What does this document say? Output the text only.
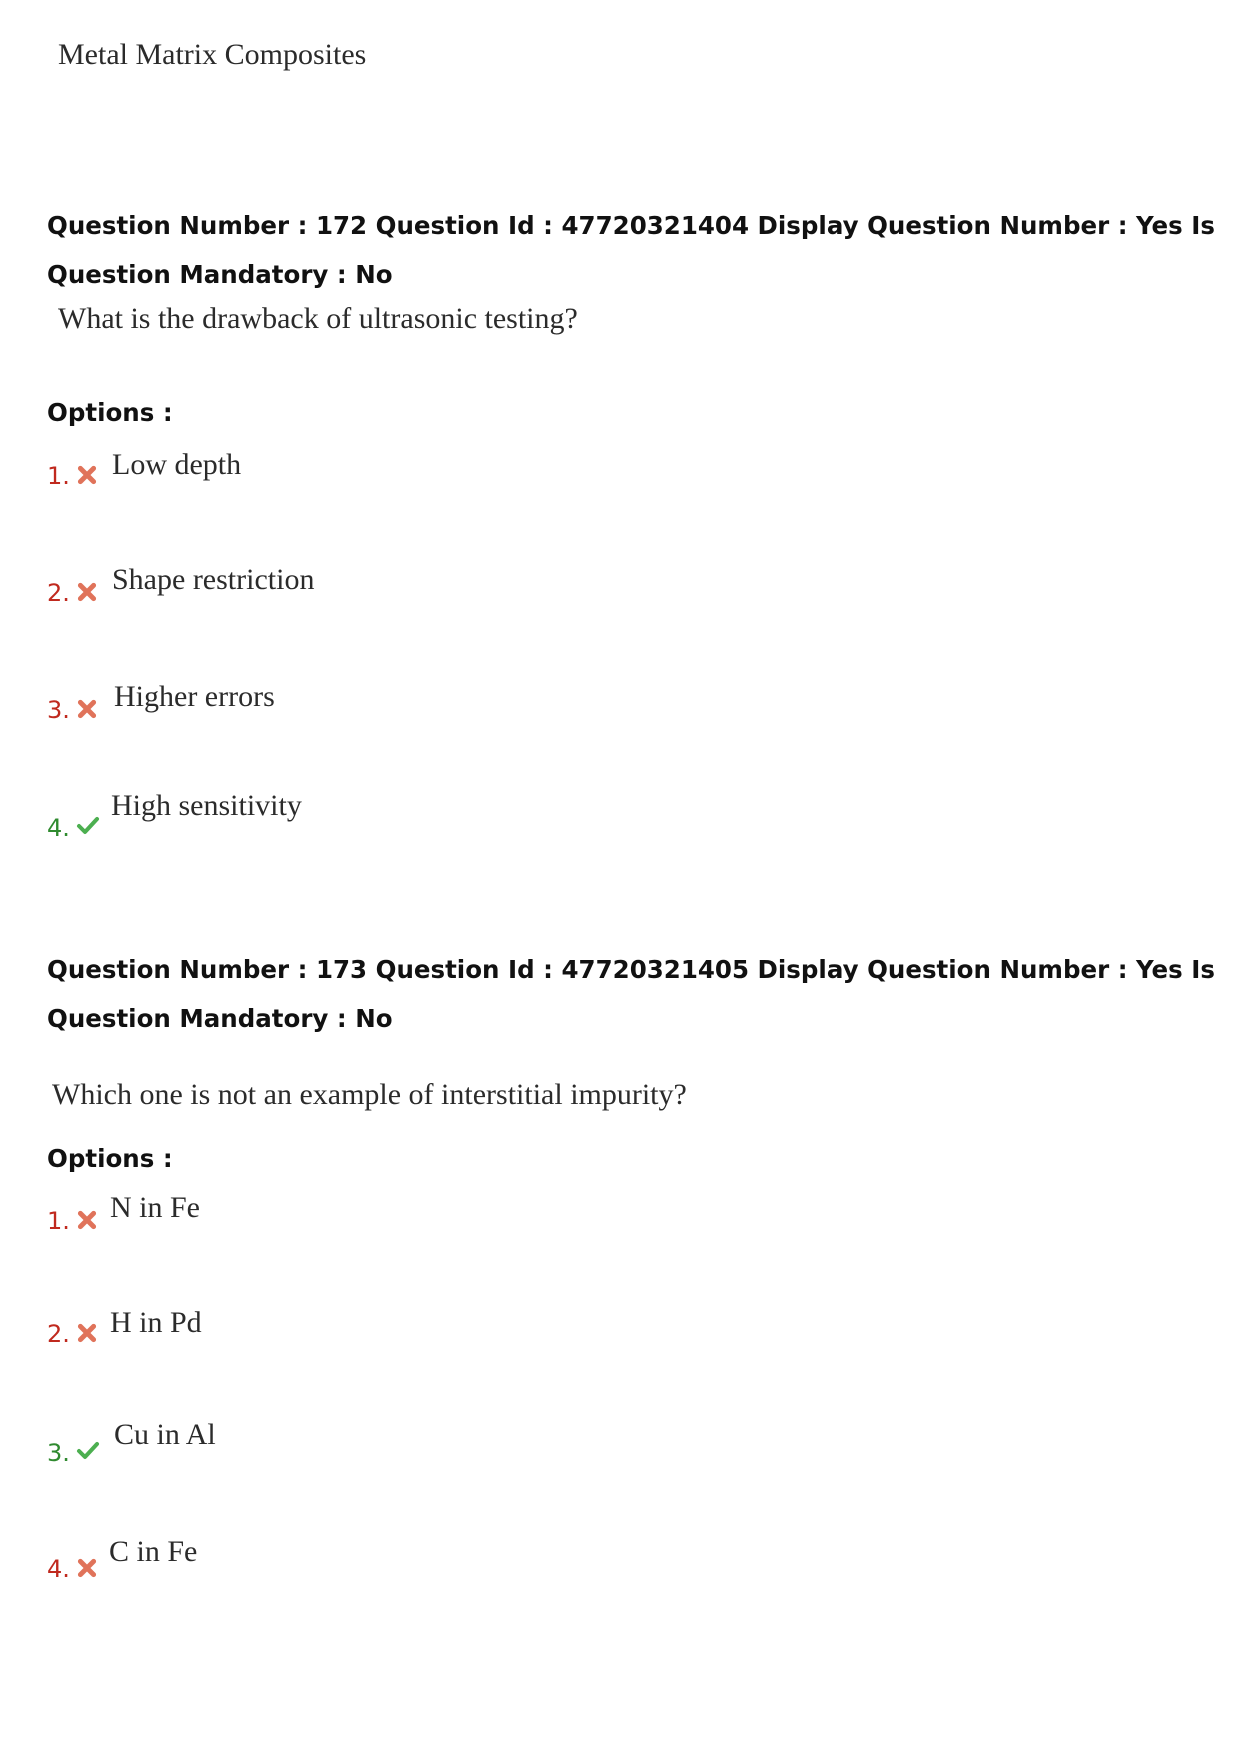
Metal Matrix Composites
Question Number : 172 Question Id : 47720321404 Display Question Number : Yes Is Question Mandatory : No
What is the drawback of ultrasonic testing?
Options :
1. Low depth
2. Shape restriction
3. Higher errors
4.
High sensitivity
Question Number : 173 Question Id : 47720321405 Display Question Number : Yes Is Question Mandatory : No
Which one is not an example of interstitial impurity?
Options :
1. N in Fe
2. H in Pd
3.
Cu in Al
4.
C in Fe
